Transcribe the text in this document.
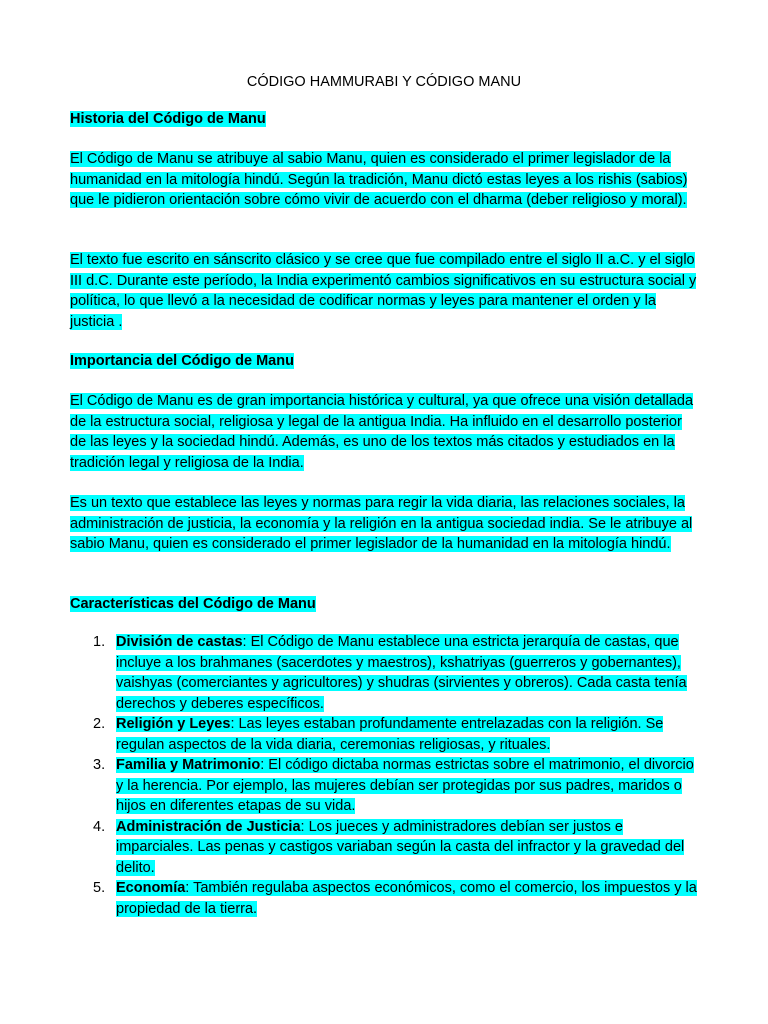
CÓDIGO HAMMURABI Y CÓDIGO MANU
Historia del Código de Manu
El Código de Manu se atribuye al sabio Manu, quien es considerado el primer legislador de la humanidad en la mitología hindú. Según la tradición, Manu dictó estas leyes a los rishis (sabios) que le pidieron orientación sobre cómo vivir de acuerdo con el dharma (deber religioso y moral).
El texto fue escrito en sánscrito clásico y se cree que fue compilado entre el siglo II a.C. y el siglo III d.C. Durante este período, la India experimentó cambios significativos en su estructura social y política, lo que llevó a la necesidad de codificar normas y leyes para mantener el orden y la justicia .
Importancia del Código de Manu
El Código de Manu es de gran importancia histórica y cultural, ya que ofrece una visión detallada de la estructura social, religiosa y legal de la antigua India. Ha influido en el desarrollo posterior de las leyes y la sociedad hindú. Además, es uno de los textos más citados y estudiados en la tradición legal y religiosa de la India.
Es un texto que establece las leyes y normas para regir la vida diaria, las relaciones sociales, la administración de justicia, la economía y la religión en la antigua sociedad india. Se le atribuye al sabio Manu, quien es considerado el primer legislador de la humanidad en la mitología hindú.
Características del Código de Manu
1. División de castas: El Código de Manu establece una estricta jerarquía de castas, que incluye a los brahmanes (sacerdotes y maestros), kshatriyas (guerreros y gobernantes), vaishyas (comerciantes y agricultores) y shudras (sirvientes y obreros). Cada casta tenía derechos y deberes específicos.
2. Religión y Leyes: Las leyes estaban profundamente entrelazadas con la religión. Se regulan aspectos de la vida diaria, ceremonias religiosas, y rituales.
3. Familia y Matrimonio: El código dictaba normas estrictas sobre el matrimonio, el divorcio y la herencia. Por ejemplo, las mujeres debían ser protegidas por sus padres, maridos o hijos en diferentes etapas de su vida.
4. Administración de Justicia: Los jueces y administradores debían ser justos e imparciales. Las penas y castigos variaban según la casta del infractor y la gravedad del delito.
5. Economía: También regulaba aspectos económicos, como el comercio, los impuestos y la propiedad de la tierra.
